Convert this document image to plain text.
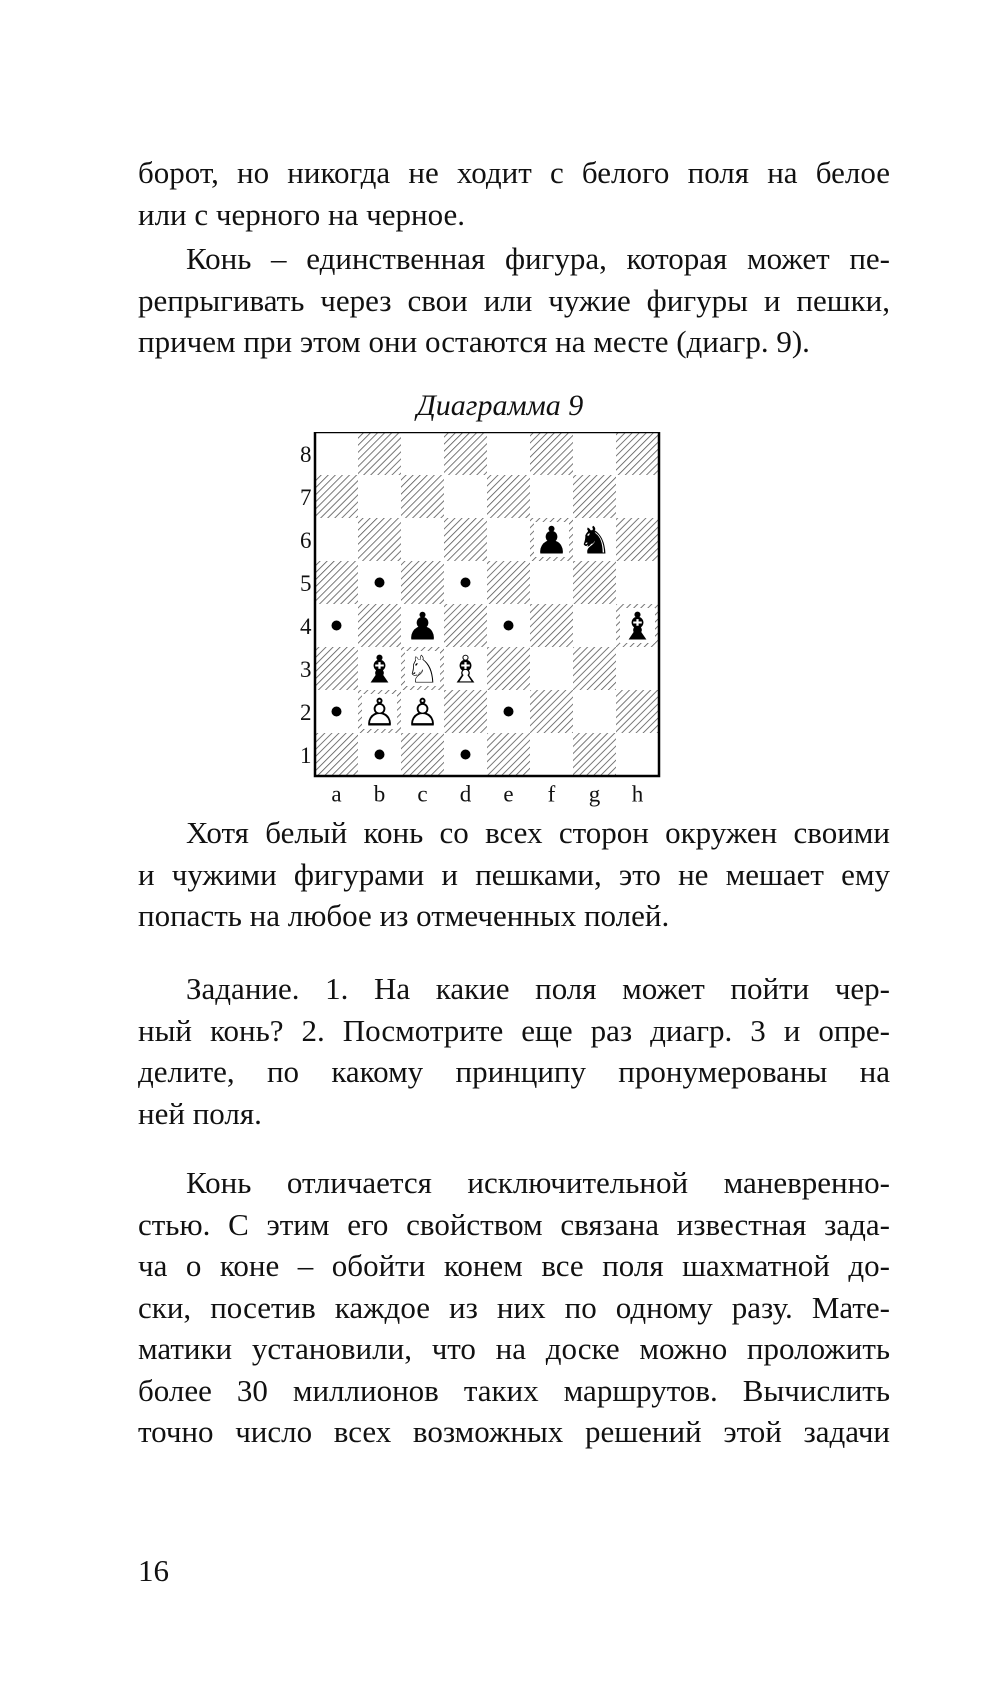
борот, но никогда не ходит с белого поля на белое
или с черного на черное.

Конь – единственная фигура, которая может пе-
репрыгивать через свои или чужие фигуры и пешки,
причем при этом они остаются на месте (диагр. 9).

Диаграмма 9
♟ ♞
♟	♝
♝ ♘ ♗
♙ ♙
8
7
6
5
4
3
2
1
a b c d e f g h

Хотя белый конь со всех сторон окружен своими
и чужими фигурами и пешками, это не мешает ему
попасть на любое из отмеченных полей.

Задание. 1. На какие поля может пойти чер-
ный конь? 2. Посмотрите еще раз диагр. 3 и опре-
делите, по какому принципу пронумерованы на
ней поля.

Конь отличается исключительной маневренно-
стью. С этим его свойством связана известная зада-
ча о коне – обойти конем все поля шахматной до-
ски, посетив каждое из них по одному разу. Мате-
матики установили, что на доске можно проложить
более 30 миллионов таких маршрутов. Вычислить
точно число всех возможных решений этой задачи

16
